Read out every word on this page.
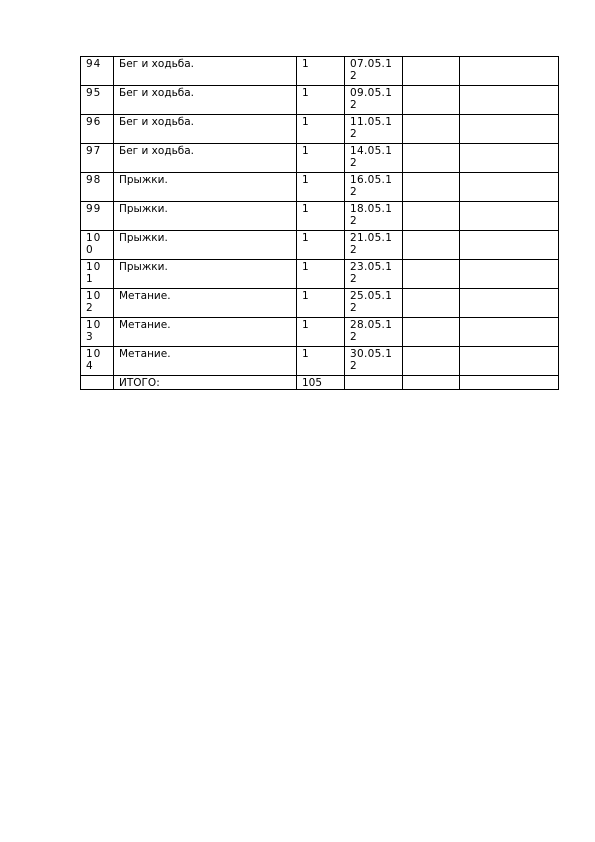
94	Бег и ходьба.	1	07.05.12		
95	Бег и ходьба.	1	09.05.12		
96	Бег и ходьба.	1	11.05.12		
97	Бег и ходьба.	1	14.05.12		
98	Прыжки.	1	16.05.12		
99	Прыжки.	1	18.05.12		
100	Прыжки.	1	21.05.12		
101	Прыжки.	1	23.05.12		
102	Метание.	1	25.05.12		
103	Метание.	1	28.05.12		
104	Метание.	1	30.05.12		
	ИТОГО:	105			
